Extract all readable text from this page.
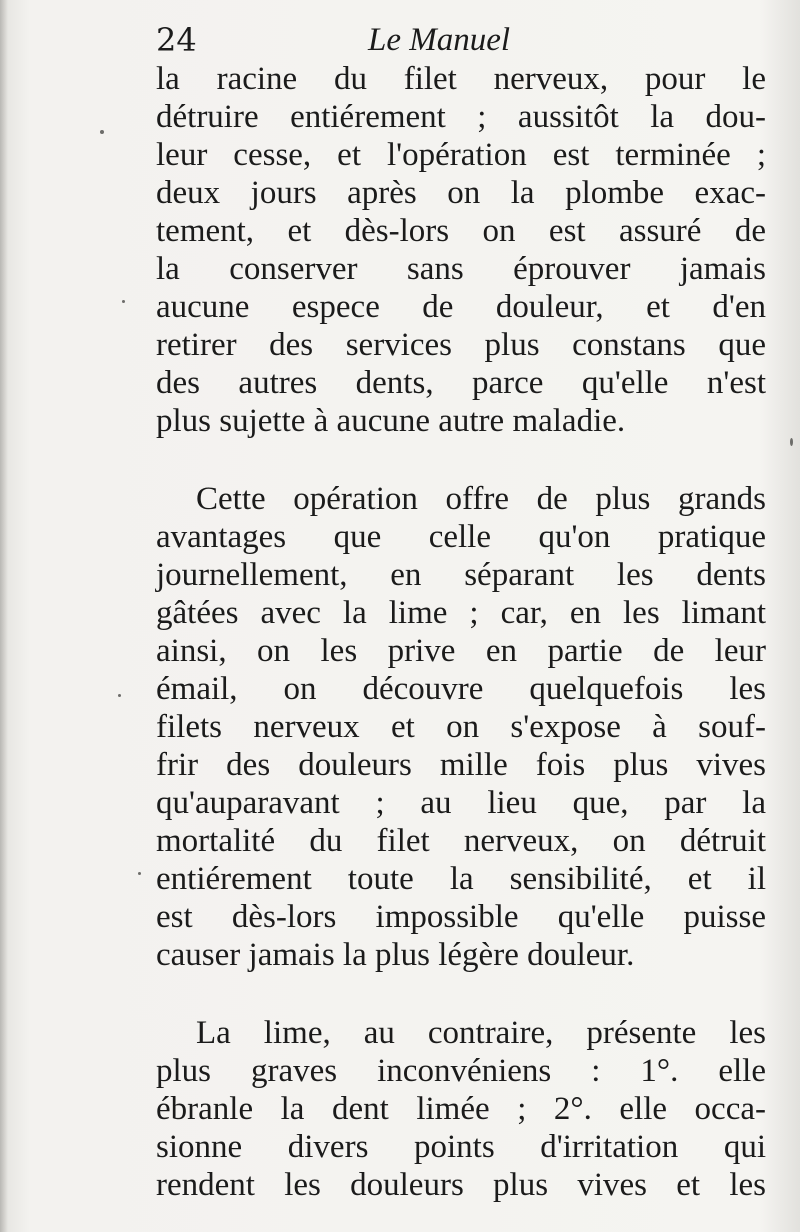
24	Le Manuel
la racine du filet nerveux, pour le
détruire entiérement ; aussitôt la dou-
leur cesse, et l'opération est terminée ;
deux jours après on la plombe exac-
tement, et dès-lors on est assuré de
la conserver sans éprouver jamais
aucune espece de douleur, et d'en
retirer des services plus constans que
des autres dents, parce qu'elle n'est
plus sujette à aucune autre maladie.
Cette opération offre de plus grands
avantages que celle qu'on pratique
journellement, en séparant les dents
gâtées avec la lime ; car, en les limant
ainsi, on les prive en partie de leur
émail, on découvre quelquefois les
filets nerveux et on s'expose à souf-
frir des douleurs mille fois plus vives
qu'auparavant ; au lieu que, par la
mortalité du filet nerveux, on détruit
entiérement toute la sensibilité, et il
est dès-lors impossible qu'elle puisse
causer jamais la plus légère douleur.
La lime, au contraire, présente les
plus graves inconvéniens : 1°. elle
ébranle la dent limée ; 2°. elle occa-
sionne divers points d'irritation qui
rendent les douleurs plus vives et les
